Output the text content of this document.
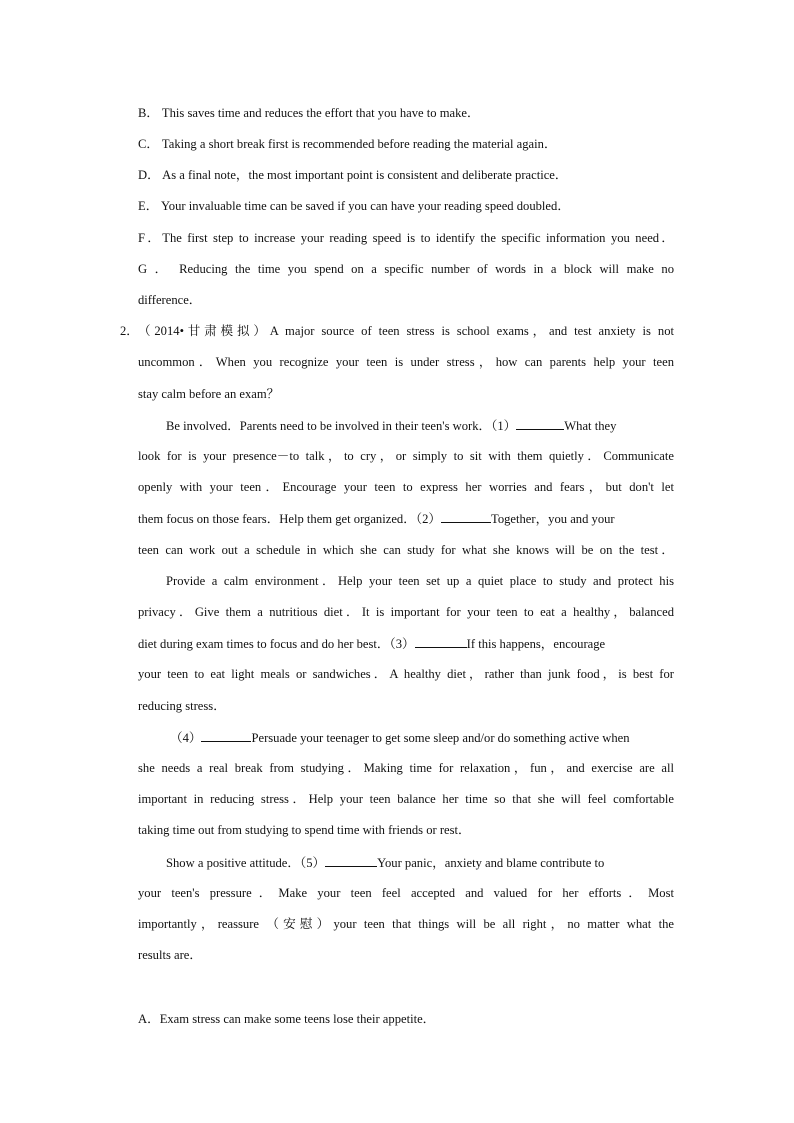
B． This saves time and reduces the effort that you have to make．
C． Taking a short break first is recommended before reading the material again．
D． As a final note，the most important point is consistent and deliberate practice．
E． Your invaluable time can be saved if you can have your reading speed doubled．
F．The first step to increase your reading speed is to identify the specific information you need．
G ． Reducing the time you spend on a specific number of words in a block will make no
difference．
2． （2014•甘肃模拟）A major source of teen stress is school exams，and test anxiety is not
uncommon．When you recognize your teen is under stress，how can parents help your teen
stay calm before an exam？
Be involved．Parents need to be involved in their teen's work．（1）	What they
look for is your presence－to talk，to cry，or simply to sit with them quietly．Communicate
openly with your teen．Encourage your teen to express her worries and fears，but don't let
them focus on those fears．Help them get organized．（2）	Together，you and your
teen can work out a schedule in which she can study for what she knows will be on the test．
Provide a calm environment．Help your teen set up a quiet place to study and protect his
privacy．Give them a nutritious diet．It is important for your teen to eat a healthy，balanced
diet during exam times to focus and do her best．（3）	If this happens，encourage
your teen to eat light meals or sandwiches．A healthy diet，rather than junk food，is best for
reducing stress．
（4）	Persuade your teenager to get some sleep and/or do something active when
she needs a real break from studying．Making time for relaxation，fun，and exercise are all
important in reducing stress．Help your teen balance her time so that she will feel comfortable
taking time out from studying to spend time with friends or rest．
Show a positive attitude．（5）	Your panic，anxiety and blame contribute to
your teen's pressure．Make your teen feel accepted and valued for her efforts．Most
importantly，reassure （安慰）your teen that things will be all right，no matter what the
results are．
A．Exam stress can make some teens lose their appetite．
